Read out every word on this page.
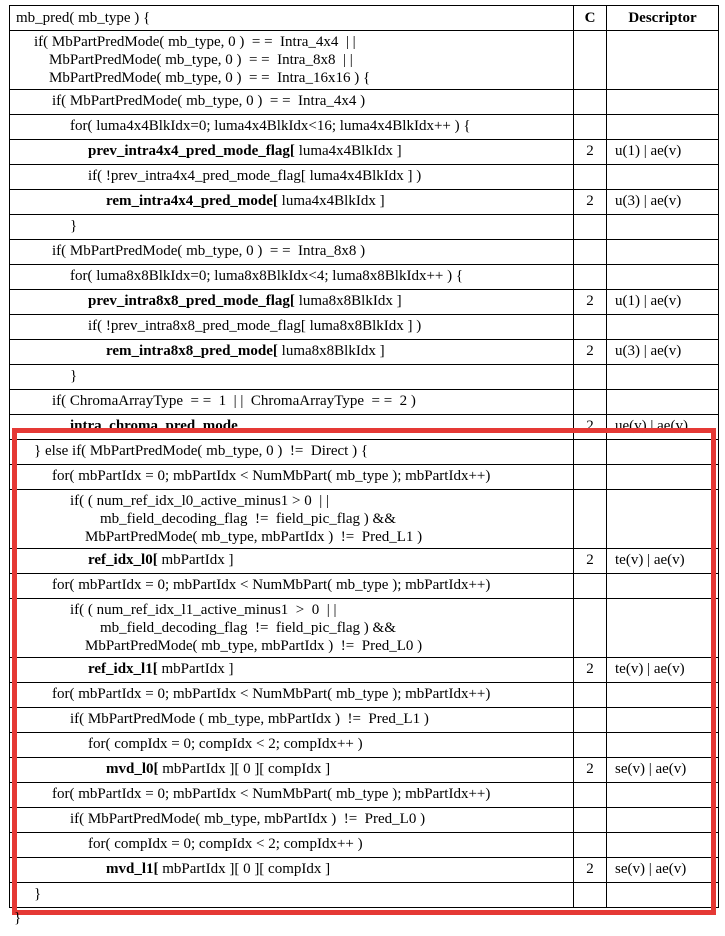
mb_pred( mb_type ) {	C	Descriptor

if( MbPartPredMode( mb_type, 0 )  = =  Intra_4x4  | |
MbPartPredMode( mb_type, 0 )  = =  Intra_8x8  | |
MbPartPredMode( mb_type, 0 )  = =  Intra_16x16 ) {		

if( MbPartPredMode( mb_type, 0 )  = =  Intra_4x4 )		

for( luma4x4BlkIdx=0; luma4x4BlkIdx<16; luma4x4BlkIdx++ ) {		

prev_intra4x4_pred_mode_flag[ luma4x4BlkIdx ]	2	u(1) | ae(v)

if( !prev_intra4x4_pred_mode_flag[ luma4x4BlkIdx ] )		

rem_intra4x4_pred_mode[ luma4x4BlkIdx ]	2	u(3) | ae(v)

}		

if( MbPartPredMode( mb_type, 0 )  = =  Intra_8x8 )		

for( luma8x8BlkIdx=0; luma8x8BlkIdx<4; luma8x8BlkIdx++ ) {		

prev_intra8x8_pred_mode_flag[ luma8x8BlkIdx ]	2	u(1) | ae(v)

if( !prev_intra8x8_pred_mode_flag[ luma8x8BlkIdx ] )		

rem_intra8x8_pred_mode[ luma8x8BlkIdx ]	2	u(3) | ae(v)

}		

if( ChromaArrayType  = =  1  | |  ChromaArrayType  = =  2 )		

intra_chroma_pred_mode	2	ue(v) | ae(v)

} else if( MbPartPredMode( mb_type, 0 )  !=  Direct ) {		

for( mbPartIdx = 0; mbPartIdx < NumMbPart( mb_type ); mbPartIdx++)		

if( ( num_ref_idx_l0_active_minus1 > 0  | |
mb_field_decoding_flag  !=  field_pic_flag ) &&
MbPartPredMode( mb_type, mbPartIdx )  !=  Pred_L1 )		

ref_idx_l0[ mbPartIdx ]	2	te(v) | ae(v)

for( mbPartIdx = 0; mbPartIdx < NumMbPart( mb_type ); mbPartIdx++)		

if( ( num_ref_idx_l1_active_minus1  >  0  | |
mb_field_decoding_flag  !=  field_pic_flag ) &&
MbPartPredMode( mb_type, mbPartIdx )  !=  Pred_L0 )		

ref_idx_l1[ mbPartIdx ]	2	te(v) | ae(v)

for( mbPartIdx = 0; mbPartIdx < NumMbPart( mb_type ); mbPartIdx++)		

if( MbPartPredMode ( mb_type, mbPartIdx )  !=  Pred_L1 )		

for( compIdx = 0; compIdx < 2; compIdx++ )		

mvd_l0[ mbPartIdx ][ 0 ][ compIdx ]	2	se(v) | ae(v)

for( mbPartIdx = 0; mbPartIdx < NumMbPart( mb_type ); mbPartIdx++)		

if( MbPartPredMode( mb_type, mbPartIdx )  !=  Pred_L0 )		

for( compIdx = 0; compIdx < 2; compIdx++ )		

mvd_l1[ mbPartIdx ][ 0 ][ compIdx ]	2	se(v) | ae(v)

}		

}
